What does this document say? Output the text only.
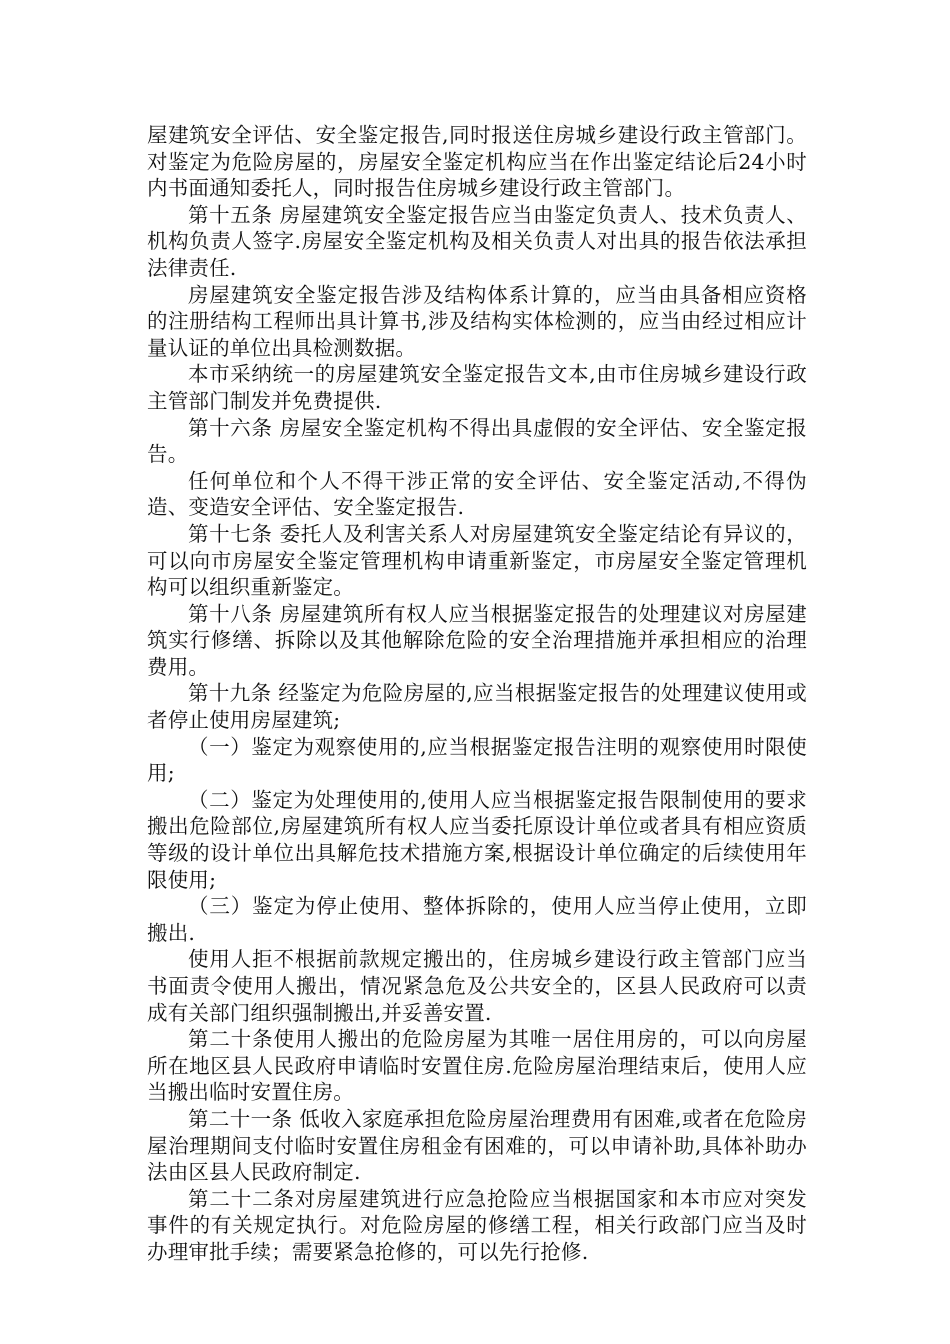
屋建筑安全评估、安全鉴定报告,同时报送住房城乡建设行政主管部门。对鉴定为危险房屋的，房屋安全鉴定机构应当在作出鉴定结论后24小时内书面通知委托人，同时报告住房城乡建设行政主管部门。

第十五条 房屋建筑安全鉴定报告应当由鉴定负责人、技术负责人、机构负责人签字.房屋安全鉴定机构及相关负责人对出具的报告依法承担法律责任.

房屋建筑安全鉴定报告涉及结构体系计算的，应当由具备相应资格的注册结构工程师出具计算书,涉及结构实体检测的，应当由经过相应计量认证的单位出具检测数据。

本市采纳统一的房屋建筑安全鉴定报告文本,由市住房城乡建设行政主管部门制发并免费提供.

第十六条 房屋安全鉴定机构不得出具虚假的安全评估、安全鉴定报告。

任何单位和个人不得干涉正常的安全评估、安全鉴定活动,不得伪造、变造安全评估、安全鉴定报告.

第十七条 委托人及利害关系人对房屋建筑安全鉴定结论有异议的，可以向市房屋安全鉴定管理机构申请重新鉴定，市房屋安全鉴定管理机构可以组织重新鉴定。

第十八条 房屋建筑所有权人应当根据鉴定报告的处理建议对房屋建筑实行修缮、拆除以及其他解除危险的安全治理措施并承担相应的治理费用。

第十九条 经鉴定为危险房屋的,应当根据鉴定报告的处理建议使用或者停止使用房屋建筑;

（一）鉴定为观察使用的,应当根据鉴定报告注明的观察使用时限使用;

（二）鉴定为处理使用的,使用人应当根据鉴定报告限制使用的要求搬出危险部位,房屋建筑所有权人应当委托原设计单位或者具有相应资质等级的设计单位出具解危技术措施方案,根据设计单位确定的后续使用年限使用;

（三）鉴定为停止使用、整体拆除的，使用人应当停止使用，立即搬出.

使用人拒不根据前款规定搬出的，住房城乡建设行政主管部门应当书面责令使用人搬出，情况紧急危及公共安全的，区县人民政府可以责成有关部门组织强制搬出,并妥善安置.

第二十条使用人搬出的危险房屋为其唯一居住用房的，可以向房屋所在地区县人民政府申请临时安置住房.危险房屋治理结束后，使用人应当搬出临时安置住房。

第二十一条 低收入家庭承担危险房屋治理费用有困难,或者在危险房屋治理期间支付临时安置住房租金有困难的，可以申请补助,具体补助办法由区县人民政府制定.

第二十二条对房屋建筑进行应急抢险应当根据国家和本市应对突发事件的有关规定执行。对危险房屋的修缮工程，相关行政部门应当及时办理审批手续；需要紧急抢修的，可以先行抢修.
